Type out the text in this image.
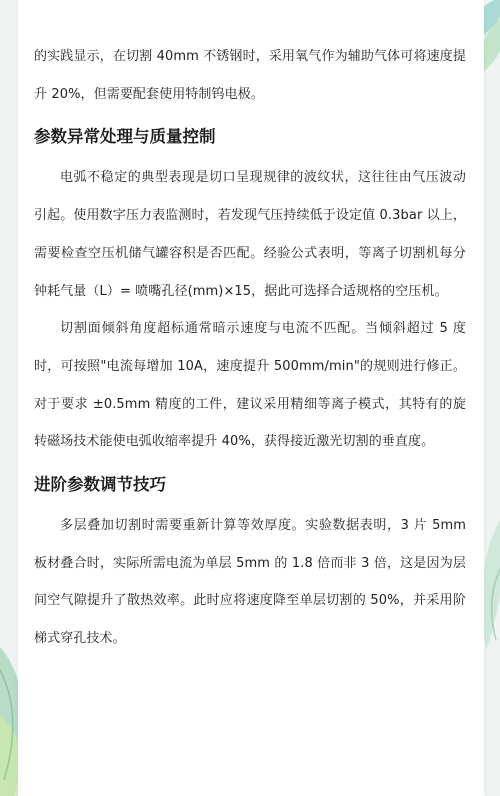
的实践显示，在切割 40mm 不锈钢时，采用氧气作为辅助气体可将速度提升 20%，但需要配套使用特制钨电极。

参数异常处理与质量控制

电弧不稳定的典型表现是切口呈现规律的波纹状，这往往由气压波动引起。使用数字压力表监测时，若发现气压持续低于设定值 0.3bar 以上，需要检查空压机储气罐容积是否匹配。经验公式表明，等离子切割机每分钟耗气量（L）= 喷嘴孔径(mm)×15，据此可选择合适规格的空压机。

切割面倾斜角度超标通常暗示速度与电流不匹配。当倾斜超过 5 度时，可按照"电流每增加 10A，速度提升 500mm/min"的规则进行修正。对于要求 ±0.5mm 精度的工件，建议采用精细等离子模式，其特有的旋转磁场技术能使电弧收缩率提升 40%，获得接近激光切割的垂直度。

进阶参数调节技巧

多层叠加切割时需要重新计算等效厚度。实验数据表明，3 片 5mm 板材叠合时，实际所需电流为单层 5mm 的 1.8 倍而非 3 倍，这是因为层间空气隙提升了散热效率。此时应将速度降至单层切割的 50%，并采用阶梯式穿孔技术。
